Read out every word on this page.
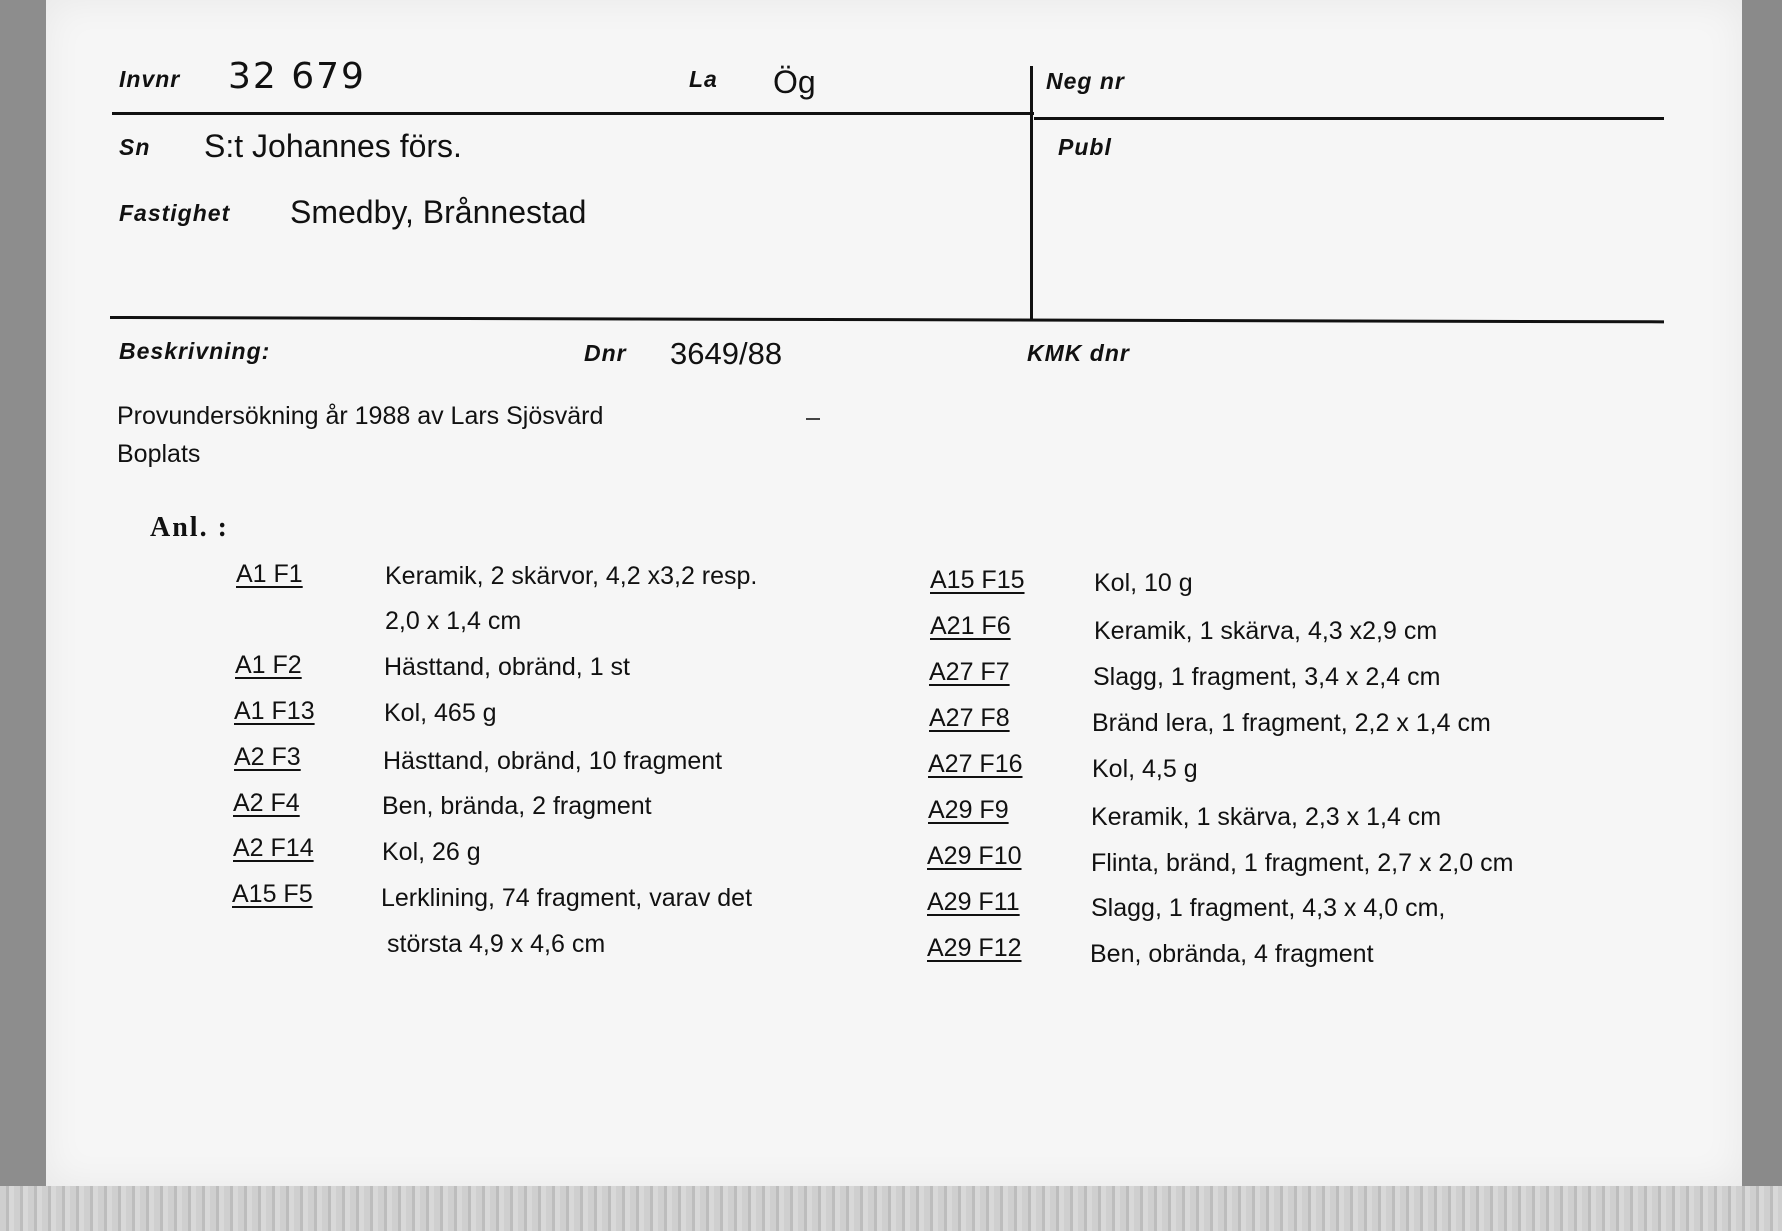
Invnr 32 679	La Ög	Neg nr
Sn S:t Johannes förs.	Publ
Fastighet Smedby, Brånnestad
Beskrivning:	Dnr 3649/88	KMK dnr
Provundersökning år 1988 av Lars Sjösvärd
Boplats
Anl. :
A1 F1	Keramik, 2 skärvor, 4,2 x3,2 resp.
2,0 x 1,4 cm
A1 F2	Hästtand, obränd, 1 st
A1 F13	Kol, 465 g
A2 F3	Hästtand, obränd, 10 fragment
A2 F4	Ben, brända, 2 fragment
A2 F14	Kol, 26 g
A15 F5	Lerklining, 74 fragment, varav det
största 4,9 x 4,6 cm
A15 F15	Kol, 10 g
A21 F6	Keramik, 1 skärva, 4,3 x2,9 cm
A27 F7	Slagg, 1 fragment, 3,4 x 2,4 cm
A27 F8	Bränd lera, 1 fragment, 2,2 x 1,4 cm
A27 F16	Kol, 4,5 g
A29 F9	Keramik, 1 skärva, 2,3 x 1,4 cm
A29 F10	Flinta, bränd, 1 fragment, 2,7 x 2,0 cm
A29 F11	Slagg, 1 fragment, 4,3 x 4,0 cm,
A29 F12	Ben, obrända, 4 fragment
